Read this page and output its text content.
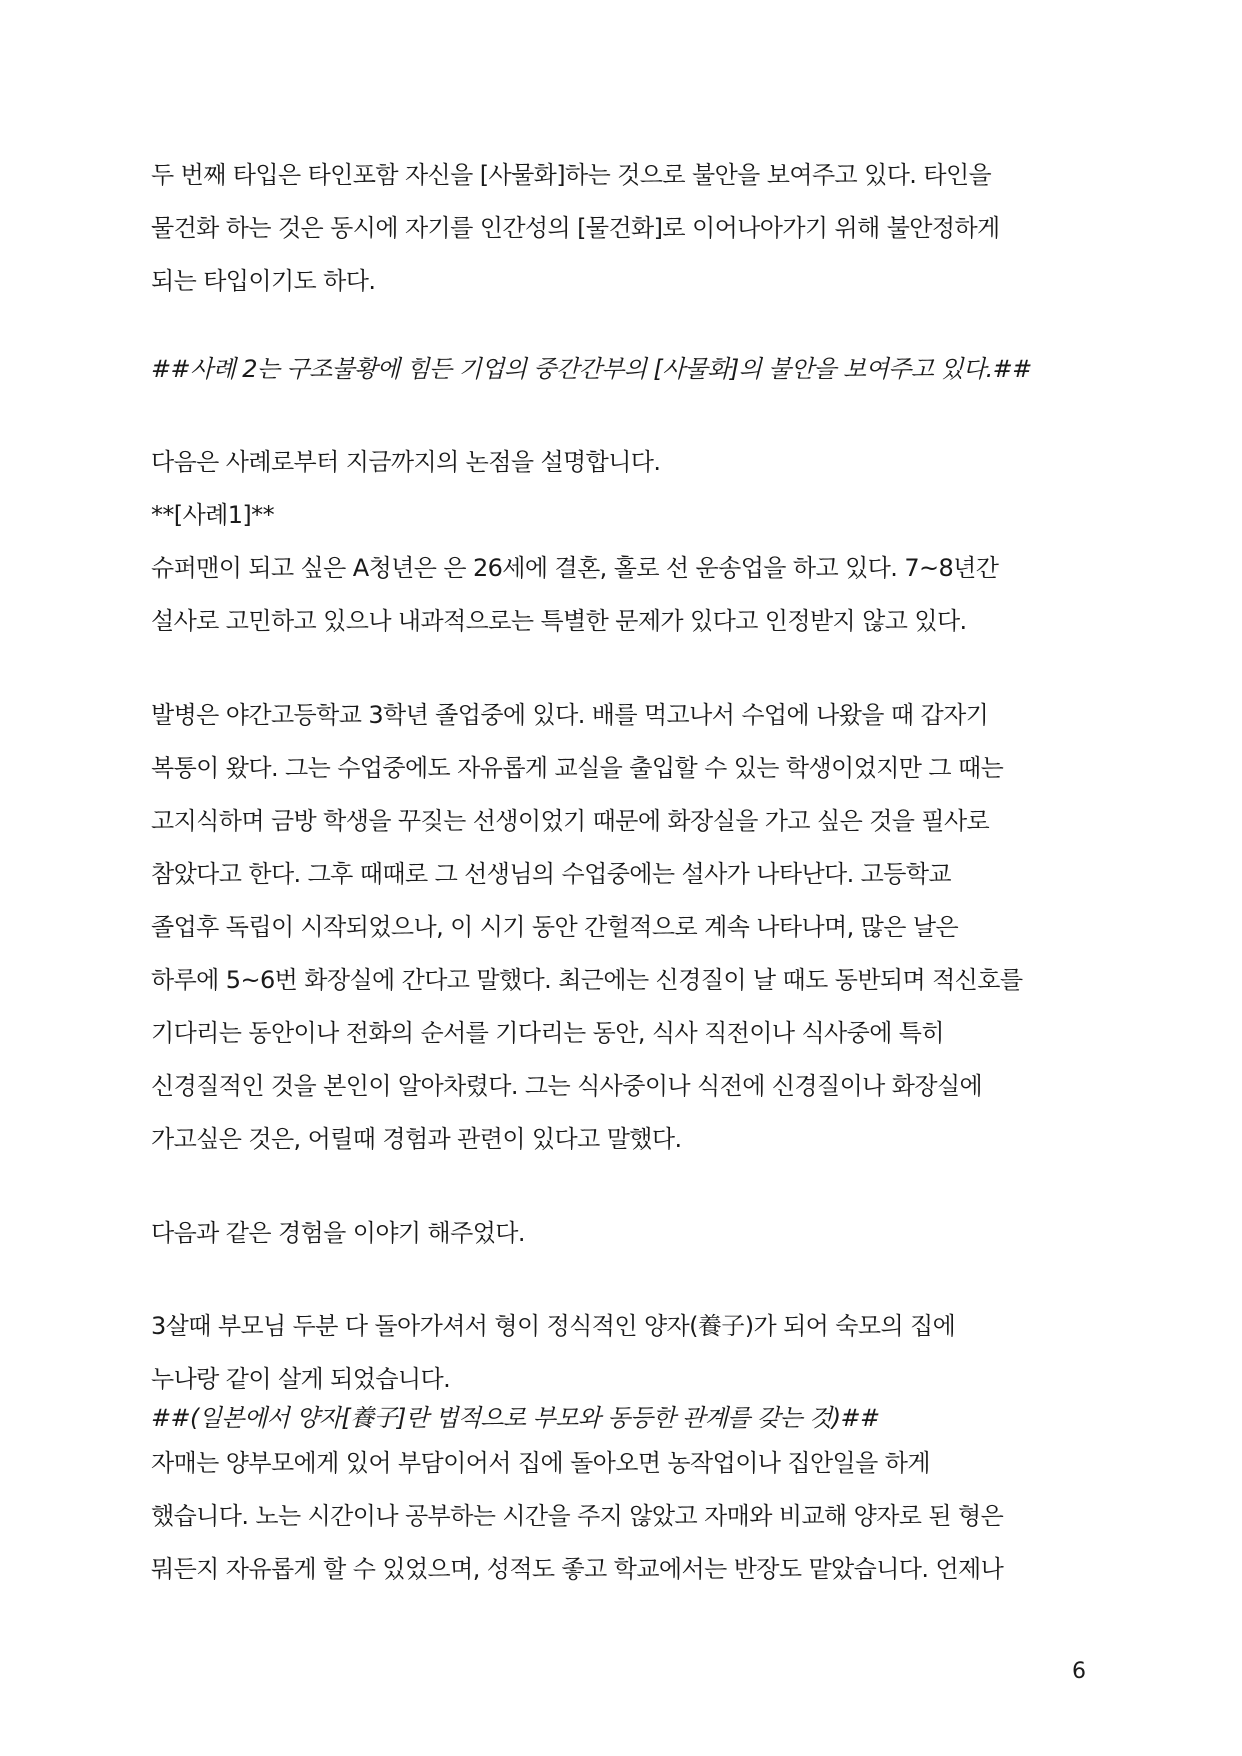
두 번째 타입은 타인포함 자신을 [사물화]하는 것으로 불안을 보여주고 있다. 타인을

물건화 하는 것은 동시에 자기를 인간성의 [물건화]로 이어나아가기 위해 불안정하게

되는 타입이기도 하다.

##사례 2는 구조불황에 힘든 기업의 중간간부의 [사물화]의 불안을 보여주고 있다.##

다음은 사례로부터 지금까지의 논점을 설명합니다.

**[사례1]**

슈퍼맨이 되고 싶은 A청년은 은 26세에 결혼, 홀로 선 운송업을 하고 있다. 7~8년간

설사로 고민하고 있으나 내과적으로는 특별한 문제가 있다고 인정받지 않고 있다.

발병은 야간고등학교 3학년 졸업중에 있다. 배를 먹고나서 수업에 나왔을 때 갑자기

복통이 왔다. 그는 수업중에도 자유롭게 교실을 출입할 수 있는 학생이었지만 그 때는

고지식하며 금방 학생을 꾸짖는 선생이었기 때문에 화장실을 가고 싶은 것을 필사로

참았다고 한다. 그후 때때로 그 선생님의 수업중에는 설사가 나타난다. 고등학교

졸업후 독립이 시작되었으나, 이 시기 동안 간헐적으로 계속 나타나며, 많은 날은

하루에 5~6번 화장실에 간다고 말했다. 최근에는 신경질이 날 때도 동반되며 적신호를

기다리는 동안이나 전화의 순서를 기다리는 동안, 식사 직전이나 식사중에 특히

신경질적인 것을 본인이 알아차렸다. 그는 식사중이나 식전에 신경질이나 화장실에

가고싶은 것은, 어릴때 경험과 관련이 있다고 말했다.

다음과 같은 경험을 이야기 해주었다.

3살때 부모님 두분 다 돌아가셔서 형이 정식적인 양자(養子)가 되어 숙모의 집에

누나랑 같이 살게 되었습니다.

##(일본에서 양자[養子]란 법적으로 부모와 동등한 관계를 갖는 것)##

자매는 양부모에게 있어 부담이어서 집에 돌아오면 농작업이나 집안일을 하게

했습니다. 노는 시간이나 공부하는 시간을 주지 않았고 자매와 비교해 양자로 된 형은

뭐든지 자유롭게 할 수 있었으며, 성적도 좋고 학교에서는 반장도 맡았습니다. 언제나

6
